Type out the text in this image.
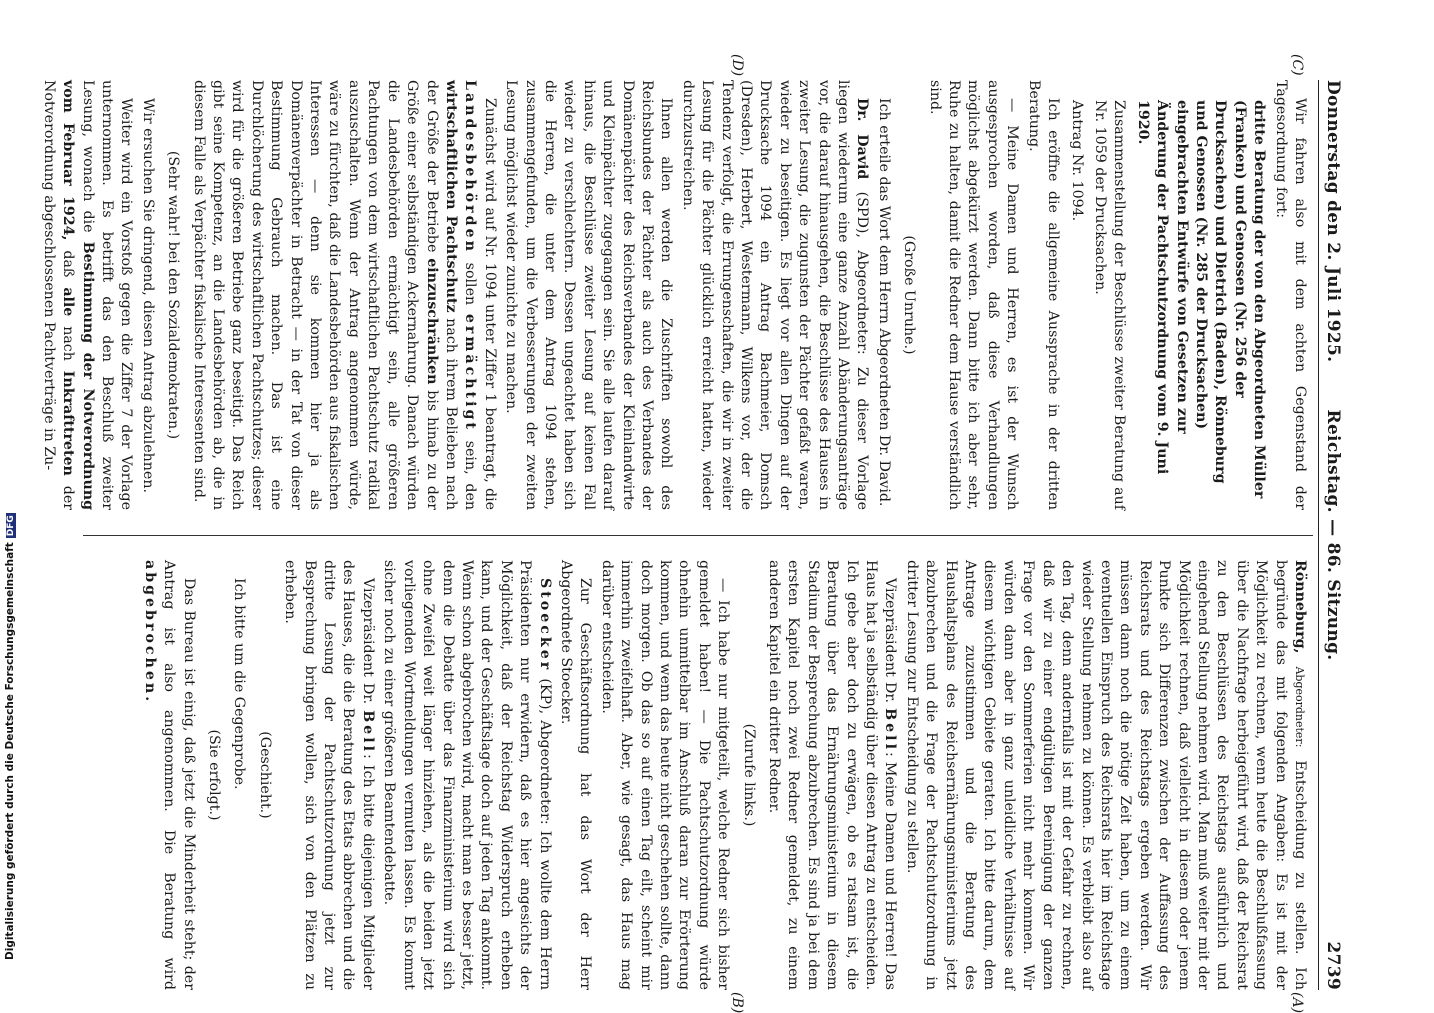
Donnerstag den 2. Juli 1925.
Reichstag. — 86. Sitzung.
2739
(C)
(D)
(A)
(B)

Wir fahren also mit dem achten Gegenstand der Tagesordnung fort:

dritte Beratung der von den Abgeordneten Müller (Franken) und Genossen (Nr. 256 der Drucksachen) und Dietrich (Baden), Rönneburg und Genossen (Nr. 285 der Drucksachen) eingebrachten Entwürfe von Gesetzen zur Änderung der Pachtschutzordnung vom 9. Juni 1920.

Zusammenstellung der Beschlüsse zweiter Beratung auf Nr. 1059 der Drucksachen.

Antrag Nr. 1094.

Ich eröffne die allgemeine Aussprache in der dritten Beratung.

— Meine Damen und Herren, es ist der Wunsch ausgesprochen worden, daß diese Verhandlungen möglichst abgekürzt werden. Dann bitte ich aber sehr, Ruhe zu halten, damit die Redner dem Hause verständlich sind.

(Große Unruhe.)

Ich erteile das Wort dem Herrn Abgeordneten Dr. David.

Dr. David (SPD), Abgeordneter: Zu dieser Vorlage liegen wiederum eine ganze Anzahl Abänderungsanträge vor, die darauf hinausgehen, die Beschlüsse des Hauses in zweiter Lesung, die zugunsten der Pächter gefaßt waren, wieder zu beseitigen. Es liegt vor allen Dingen auf der Drucksache 1094 ein Antrag Bachmeier, Domsch (Dresden), Herbert, Westermann, Wilkens vor, der die Tendenz verfolgt, die Errungenschaften, die wir in zweiter Lesung für die Pächter glücklich erreicht hatten, wieder durchzustreichen.

Ihnen allen werden die Zuschriften sowohl des Reichsbundes der Pächter als auch des Verbandes der Domänenpächter des Reichsverbandes der Kleinlandwirte und Kleinpächter zugegangen sein. Sie alle laufen darauf hinaus, die Beschlüsse zweiter Lesung auf keinen Fall wieder zu verschlechtern. Dessen ungeachtet haben sich die Herren, die unter dem Antrag 1094 stehen, zusammengefunden, um die Verbesserungen der zweiten Lesung möglichst wieder zunichte zu machen.

Zunächst wird auf Nr. 1094 unter Ziffer 1 beantragt, die Landesbehörden sollen ermächtigt sein, den wirtschaftlichen Pachtschutz nach ihrem Belieben nach der Größe der Betriebe einzuschränken bis hinab zu der Größe einer selbständigen Ackernahrung. Danach würden die Landesbehörden ermächtigt sein, alle größeren Pachtungen von dem wirtschaftlichen Pachtschutz radikal auszuschalten. Wenn der Antrag angenommen würde, wäre zu fürchten, daß die Landesbehörden aus fiskalischen Interessen — denn sie kommen hier ja als Domänenverpächter in Betracht — in der Tat von dieser Bestimmung Gebrauch machen. Das ist eine Durchlöcherung des wirtschaftlichen Pachtschutzes; dieser wird für die größeren Betriebe ganz beseitigt. Das Reich gibt seine Kompetenz, an die Landesbehörden ab, die in diesem Falle als Verpächter fiskalische Interessenten sind.

(Sehr wahr! bei den Sozialdemokraten.)

Wir ersuchen Sie dringend, diesen Antrag abzulehnen.

Weiter wird ein Vorstoß gegen die Ziffer 7 der Vorlage unternommen. Es betrifft das den Beschluß zweiter Lesung, wonach die Bestimmung der Notverordnung vom Februar 1924, daß alle nach Inkrafttreten der Notverordnung abgeschlossenen Pachtverträge in Zu-

Rönneburg, Abgeordneter: Entscheidung zu stellen. Ich begründe das mit folgenden Angaben: Es ist mit der Möglichkeit zu rechnen, wenn heute die Beschlußfassung über die Nachfrage herbeigeführt wird, daß der Reichsrat zu den Beschlüssen des Reichstags ausführlich und eingehend Stellung nehmen wird. Man muß weiter mit der Möglichkeit rechnen, daß vielleicht in diesem oder jenem Punkte sich Differenzen zwischen der Auffassung des Reichsrats und des Reichstags ergeben werden. Wir müssen dann noch die nötige Zeit haben, um zu einem eventuellen Einspruch des Reichsrats hier im Reichstage wieder Stellung nehmen zu können. Es verbleibt also auf den Tag, denn andernfalls ist mit der Gefahr zu rechnen, daß wir zu einer endgültigen Bereinigung der ganzen Frage vor den Sommerferien nicht mehr kommen. Wir würden dann aber in ganz unleidliche Verhältnisse auf diesem wichtigen Gebiete geraten. Ich bitte darum, dem Antrage zuzustimmen und die Beratung des Haushaltsplans des Reichsernährungsministeriums jetzt abzubrechen und die Frage der Pachtschutzordnung in dritter Lesung zur Entscheidung zu stellen.

Vizepräsident Dr. Bell: Meine Damen und Herren! Das Haus hat ja selbständig über diesen Antrag zu entscheiden. Ich gebe aber doch zu erwägen, ob es ratsam ist, die Beratung über das Ernährungsministerium in diesem Stadium der Besprechung abzubrechen. Es sind ja bei dem ersten Kapitel noch zwei Redner gemeldet, zu einem anderen Kapitel ein dritter Redner.

(Zurufe links.)

— Ich habe nur mitgeteilt, welche Redner sich bisher gemeldet haben! — Die Pachtschutzordnung würde ohnehin unmittelbar im Anschluß daran zur Erörterung kommen, und wenn das heute nicht geschehen sollte, dann doch morgen. Ob das so auf einen Tag eilt, scheint mir immerhin zweifelhaft. Aber, wie gesagt, das Haus mag darüber entscheiden.

Zur Geschäftsordnung hat das Wort der Herr Abgeordnete Stoecker.

Stoecker (KP), Abgeordneter: Ich wollte dem Herrn Präsidenten nur erwidern, daß es hier angesichts der Möglichkeit, daß der Reichstag Widerspruch erheben kann, und der Geschäftslage doch auf jeden Tag ankommt. Wenn schon abgebrochen wird, macht man es besser jetzt, denn die Debatte über das Finanzministerium wird sich ohne Zweifel weit länger hinziehen, als die beiden jetzt vorliegenden Wortmeldungen vermuten lassen. Es kommt sicher noch zu einer größeren Beamtendebatte.

Vizepräsident Dr. Bell: Ich bitte diejenigen Mitglieder des Hauses, die die Beratung des Etats abbrechen und die dritte Lesung der Pachtschutzordnung jetzt zur Besprechung bringen wollen, sich von den Plätzen zu erheben.

(Geschieht.)

Ich bitte um die Gegenprobe.

(Sie erfolgt.)

Das Bureau ist einig, daß jetzt die Minderheit steht; der Antrag ist also angenommen. Die Beratung wird abgebrochen.

Digitalisierung gefördert durch die Deutsche ForschungsgemeinschaftDFG
